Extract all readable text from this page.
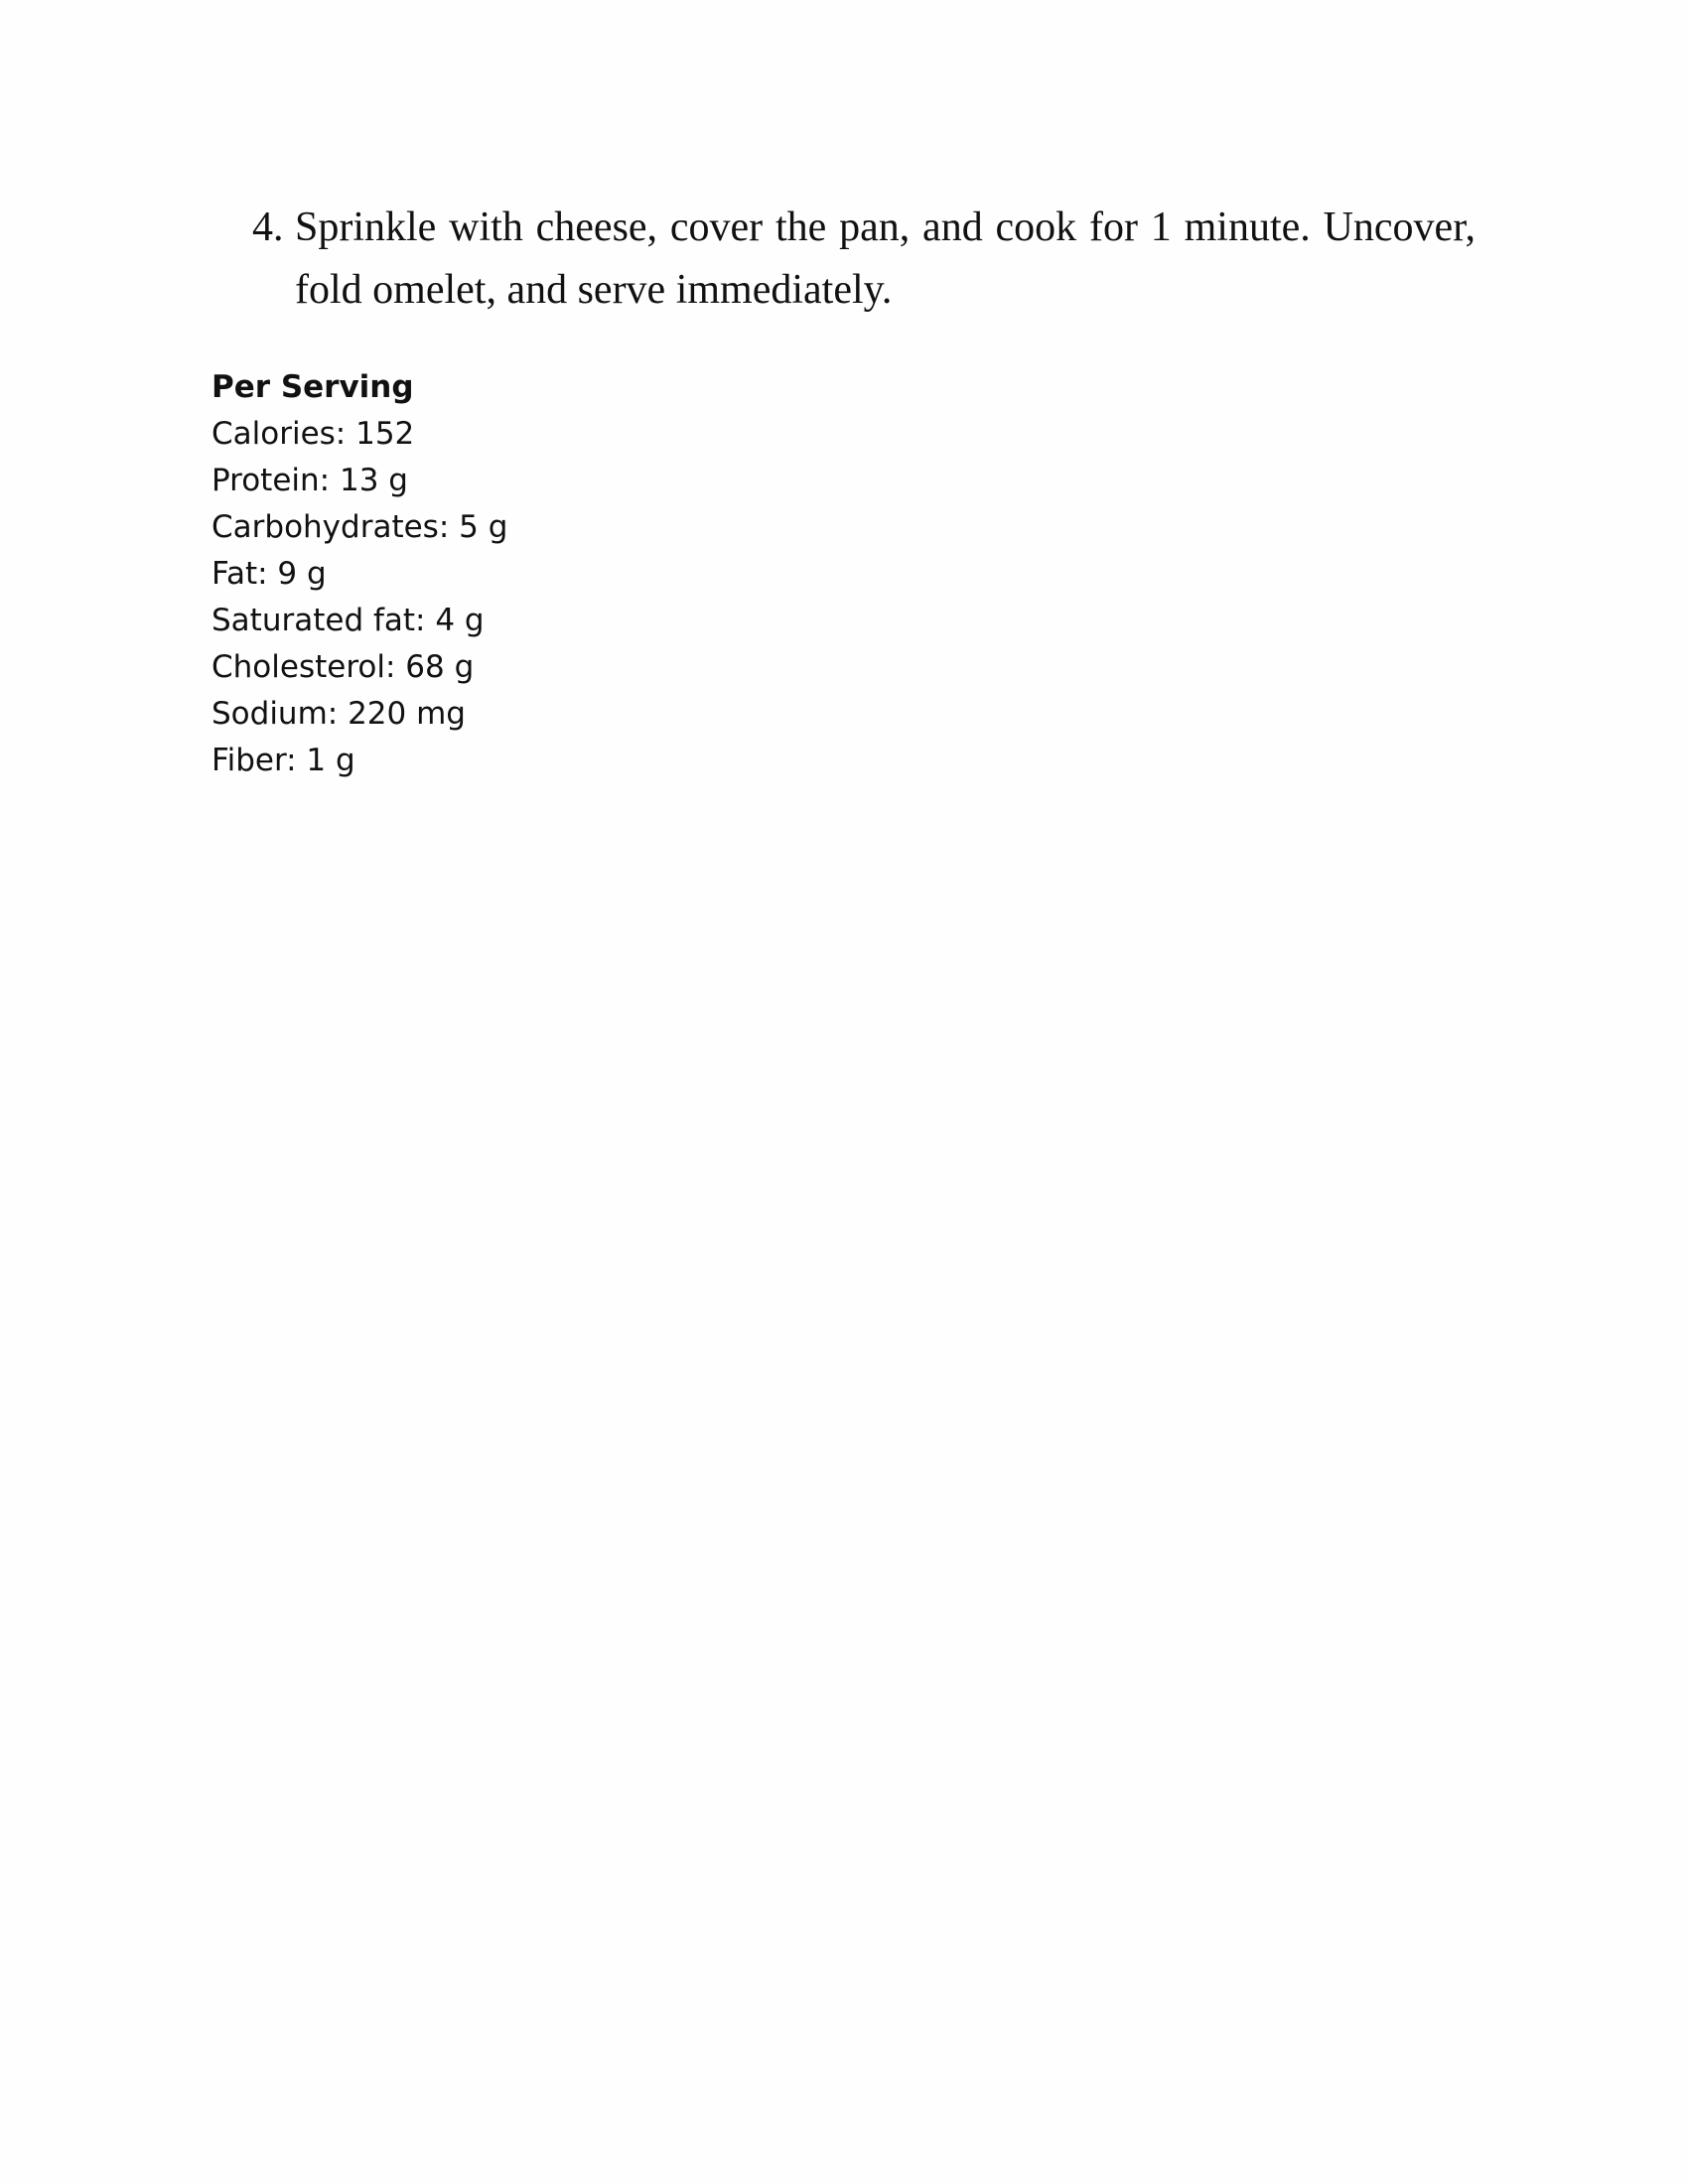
4. Sprinkle with cheese, cover the pan, and cook for 1 minute. Uncover, fold omelet, and serve immediately.
Per Serving
Calories: 152
Protein: 13 g
Carbohydrates: 5 g
Fat: 9 g
Saturated fat: 4 g
Cholesterol: 68 g
Sodium: 220 mg
Fiber: 1 g
